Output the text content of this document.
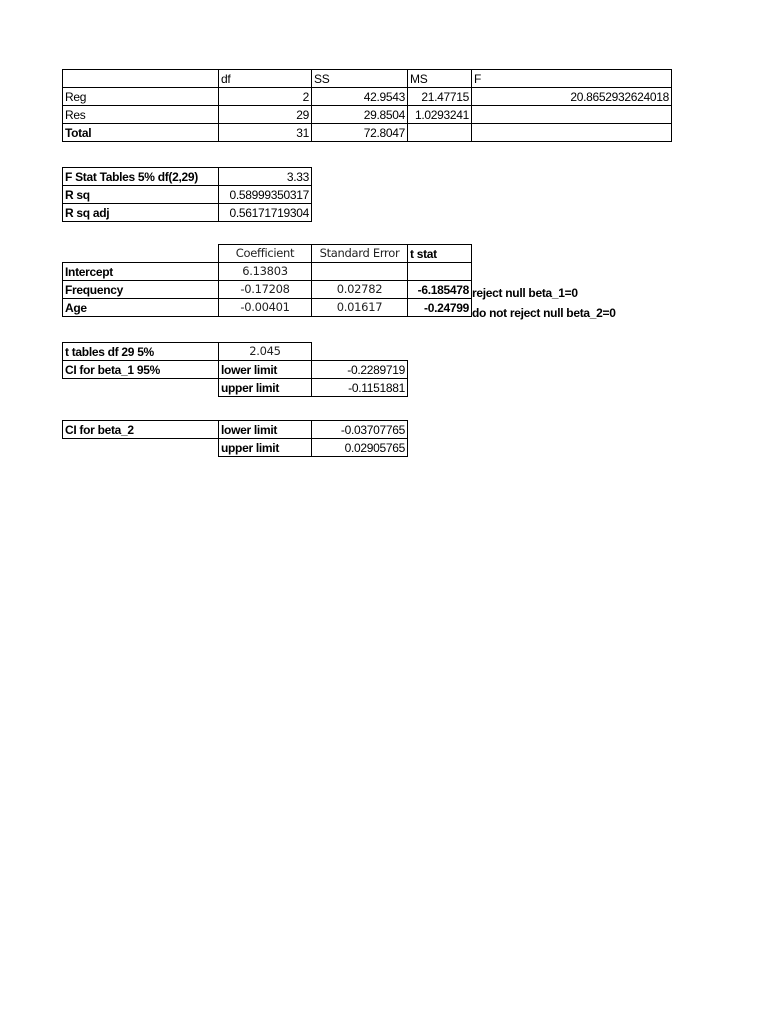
	df	SS	MS	F
Reg	2	42.9543	21.47715	20.8652932624018
Res	29	29.8504	1.0293241	
Total	31	72.8047		
F Stat Tables 5% df(2,29)	3.33
R sq	0.58999350317
R sq adj	0.56171719304
	Coefficient	Standard Error	t stat
Intercept	6.13803		
Frequency	-0.17208	0.02782	-6.185478
Age	-0.00401	0.01617	-0.24799
reject null beta_1=0
do not reject null beta_2=0
t tables df 29 5%	2.045	
CI for beta_1 95%	lower limit	-0.2289719
	upper limit	-0.1151881
CI for beta_2	lower limit	-0.03707765
	upper limit	0.02905765
